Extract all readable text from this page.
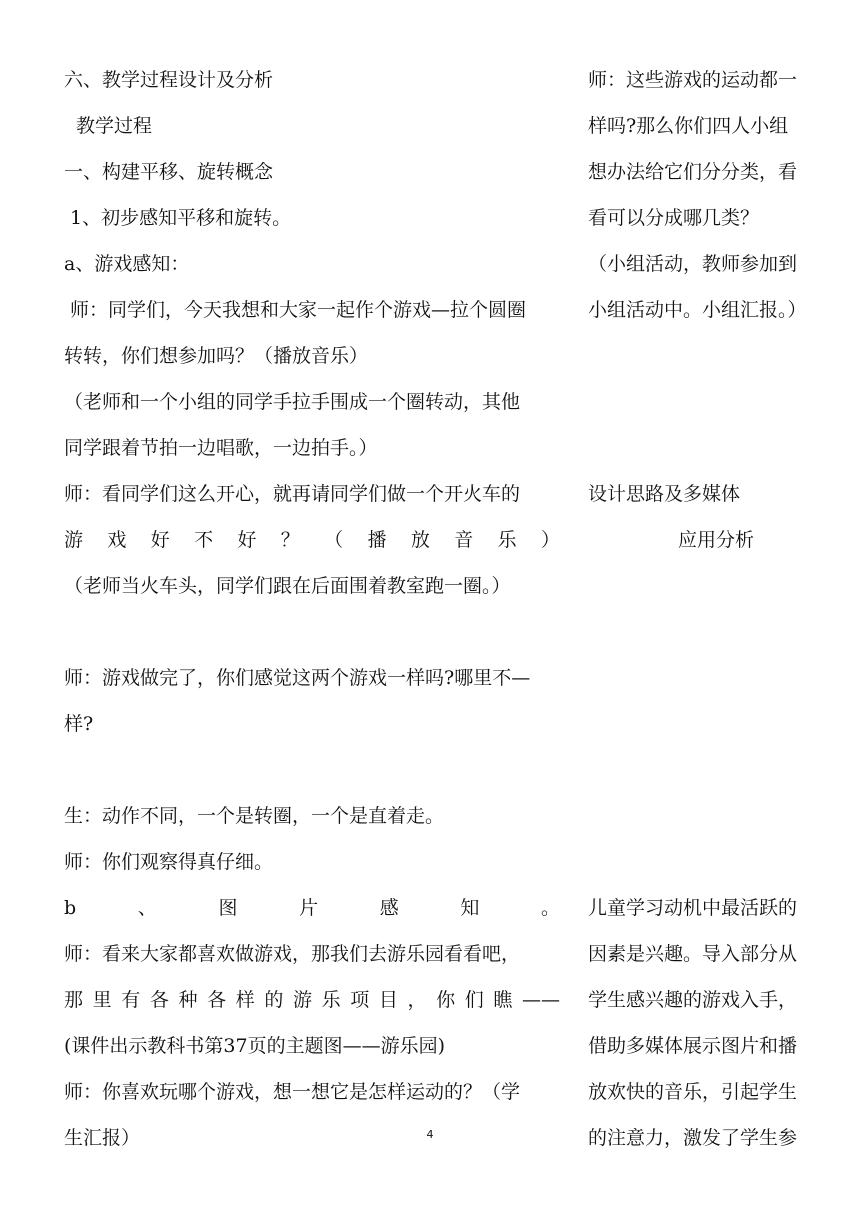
六、教学过程设计及分析
教学过程
一、构建平移、旋转概念
1、初步感知平移和旋转。
a、游戏感知：
师：同学们，今天我想和大家一起作个游戏—拉个圆圈
转转，你们想参加吗？（播放音乐）
（老师和一个小组的同学手拉手围成一个圈转动，其他
同学跟着节拍一边唱歌，一边拍手。）
师：看同学们这么开心，就再请同学们做一个开火车的
游戏好不好？（播放音乐）
（老师当火车头，同学们跟在后面围着教室跑一圈。）
师：游戏做完了，你们感觉这两个游戏一样吗?哪里不—
样?
生：动作不同，一个是转圈，一个是直着走。
师：你们观察得真仔细。
b、图片感知。
师：看来大家都喜欢做游戏，那我们去游乐园看看吧，
那里有各种各样的游乐项目，你们瞧——
(课件出示教科书第37页的主题图——游乐园)
师：你喜欢玩哪个游戏，想一想它是怎样运动的？（学
生汇报）
师：这些游戏的运动都一
样吗?那么你们四人小组
想办法给它们分分类，看
看可以分成哪几类？
（小组活动，教师参加到
小组活动中。小组汇报。）
设计思路及多媒体
应用分析
儿童学习动机中最活跃的
因素是兴趣。导入部分从
学生感兴趣的游戏入手，
借助多媒体展示图片和播
放欢快的音乐，引起学生
的注意力，激发了学生参
4
